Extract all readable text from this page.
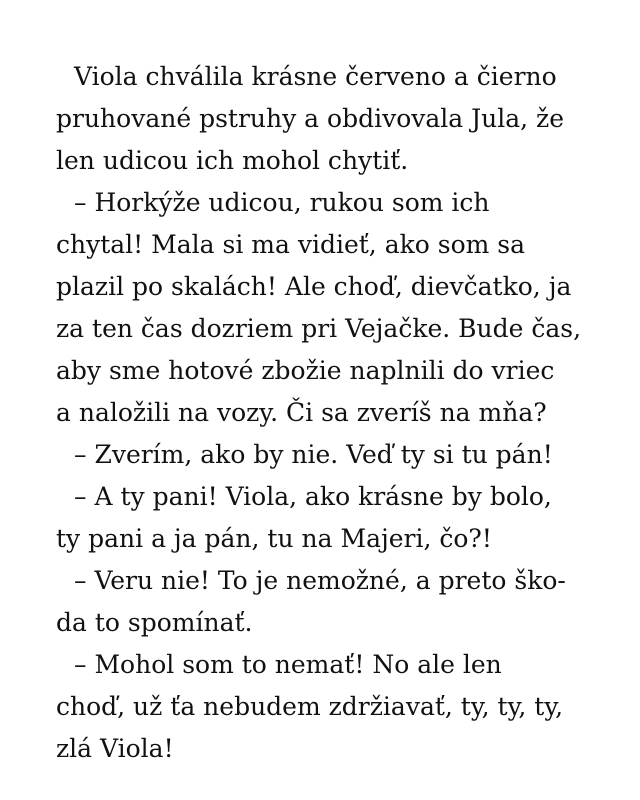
Viola chválila krásne červeno a čierno
pruhované pstruhy a obdivovala Jula, že
len udicou ich mohol chytiť.
– Horkýže udicou, rukou som ich
chytal! Mala si ma vidieť, ako som sa
plazil po skalách! Ale choď, dievčatko, ja
za ten čas dozriem pri Vejačke. Bude čas,
aby sme hotové zbožie naplnili do vriec
a naložili na vozy. Či sa zveríš na mňa?
– Zverím, ako by nie. Veď ty si tu pán!
– A ty pani! Viola, ako krásne by bolo,
ty pani a ja pán, tu na Majeri, čo?!
– Veru nie! To je nemožné, a preto ško-
da to spomínať.
– Mohol som to nemať! No ale len
choď, už ťa nebudem zdržiavať, ty, ty, ty,
zlá Viola!
